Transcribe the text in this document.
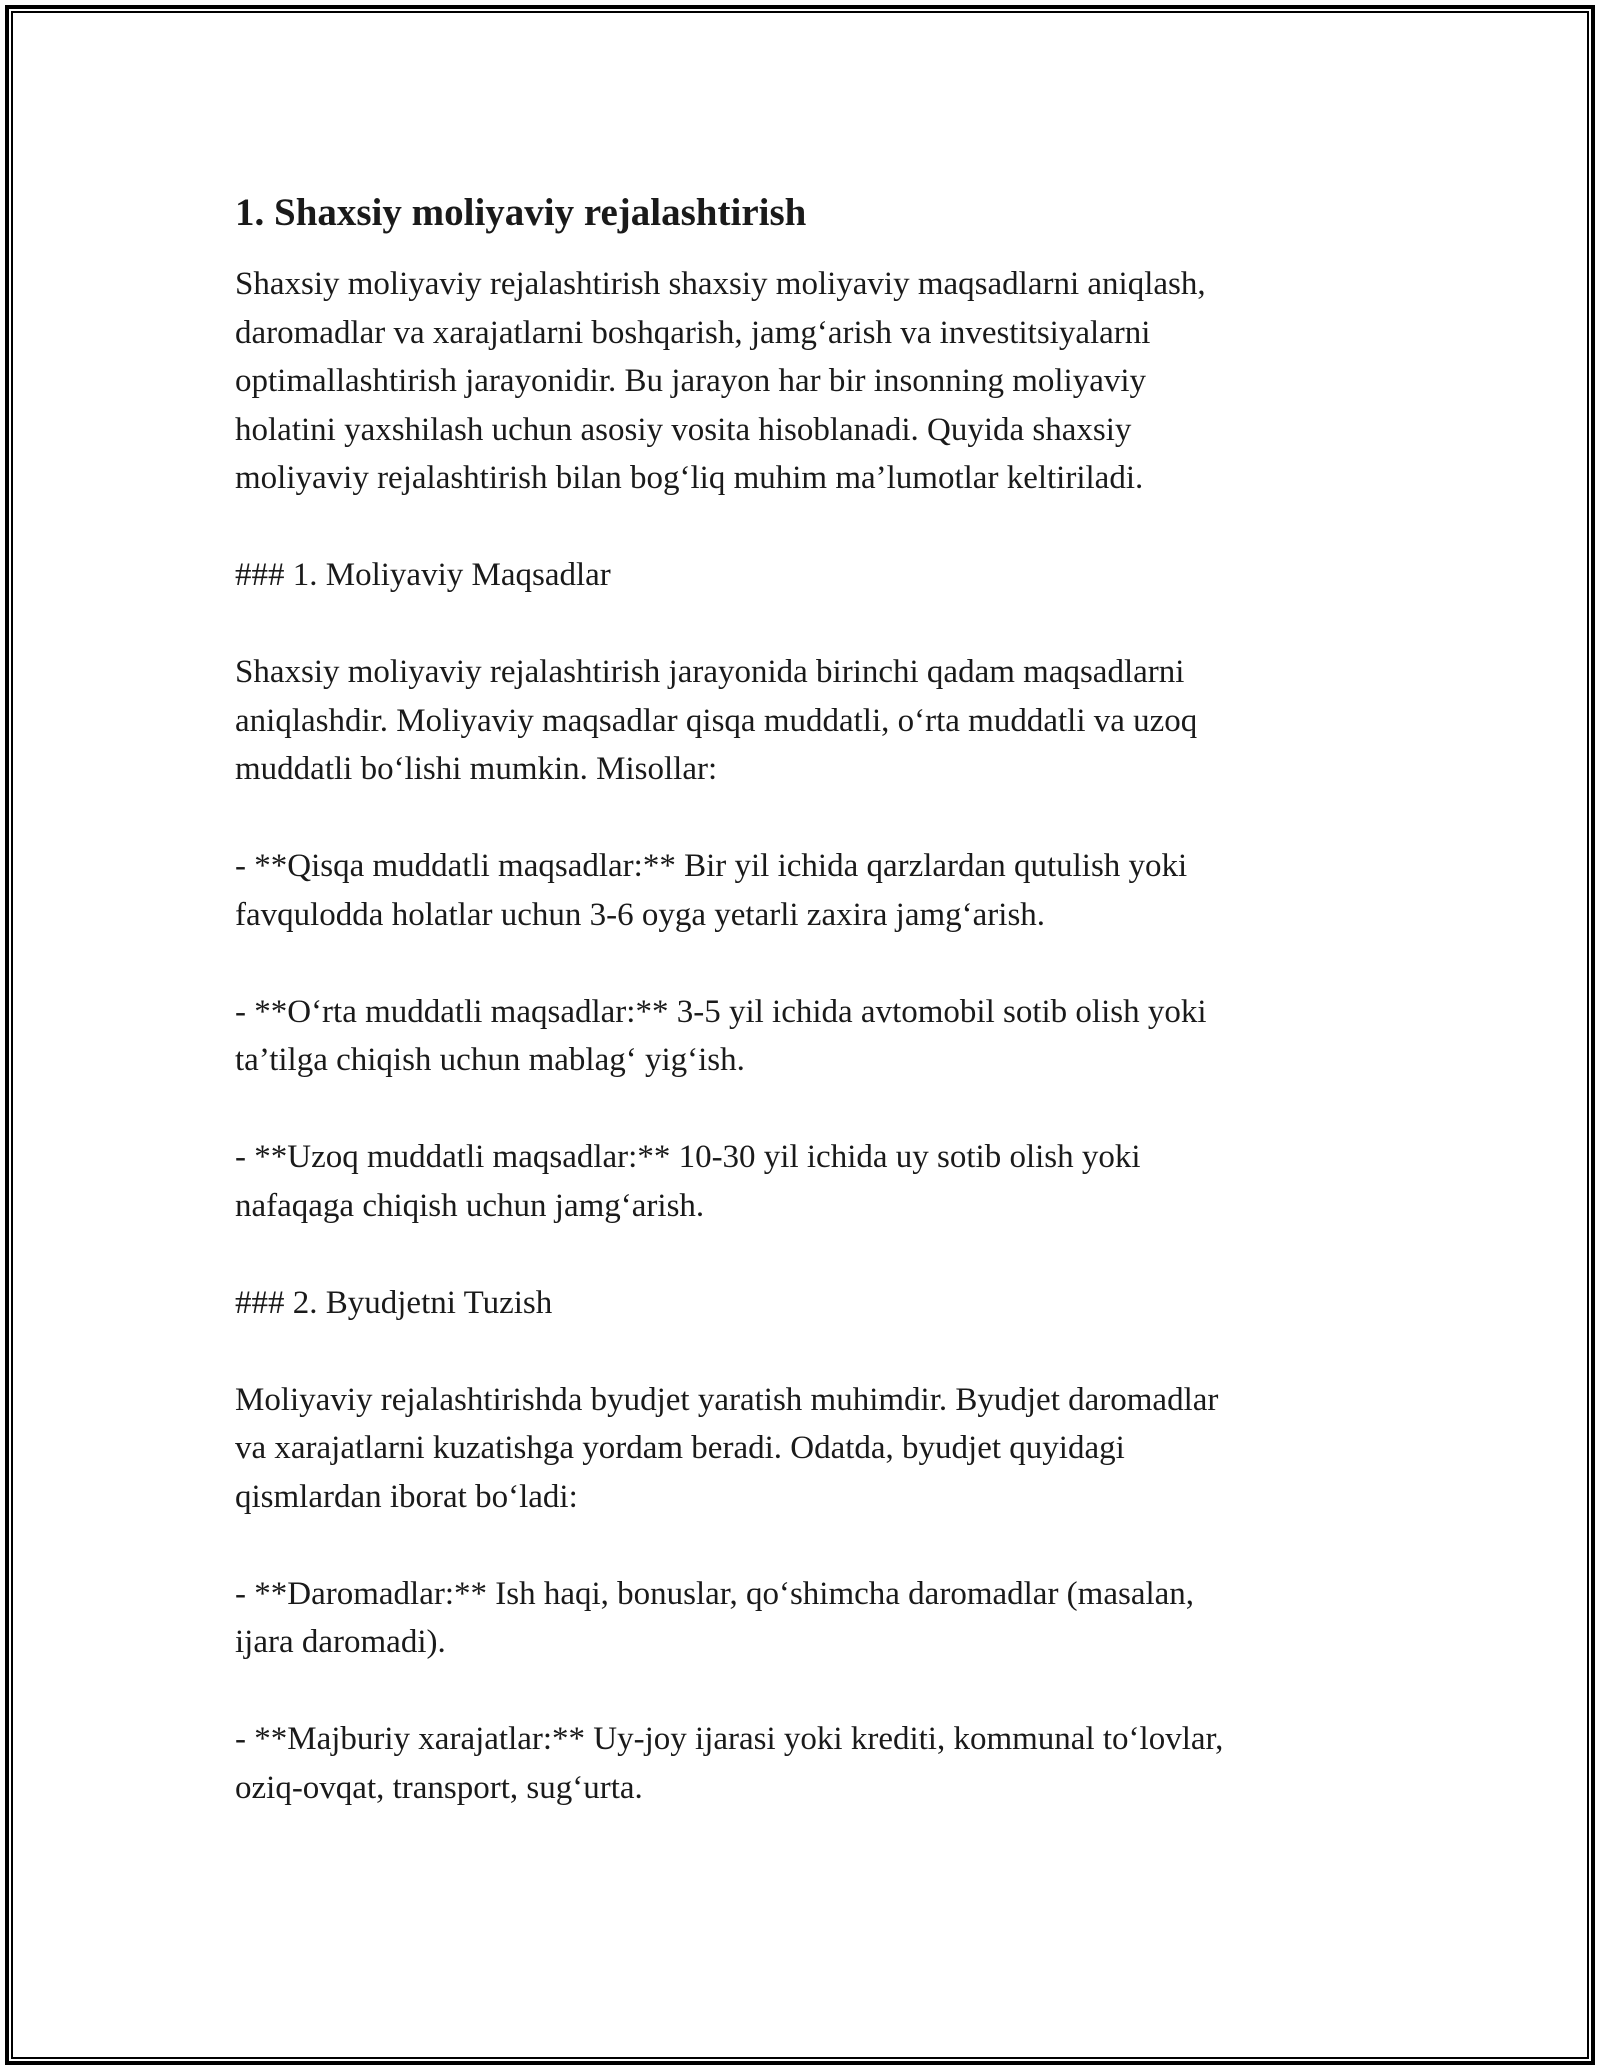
1. Shaxsiy moliyaviy rejalashtirish

Shaxsiy moliyaviy rejalashtirish shaxsiy moliyaviy maqsadlarni aniqlash,
daromadlar va xarajatlarni boshqarish, jamg‘arish va investitsiyalarni
optimallashtirish jarayonidir. Bu jarayon har bir insonning moliyaviy
holatini yaxshilash uchun asosiy vosita hisoblanadi. Quyida shaxsiy
moliyaviy rejalashtirish bilan bog‘liq muhim ma’lumotlar keltiriladi.

### 1. Moliyaviy Maqsadlar

Shaxsiy moliyaviy rejalashtirish jarayonida birinchi qadam maqsadlarni
aniqlashdir. Moliyaviy maqsadlar qisqa muddatli, o‘rta muddatli va uzoq
muddatli bo‘lishi mumkin. Misollar:

- **Qisqa muddatli maqsadlar:** Bir yil ichida qarzlardan qutulish yoki
favqulodda holatlar uchun 3-6 oyga yetarli zaxira jamg‘arish.

- **O‘rta muddatli maqsadlar:** 3-5 yil ichida avtomobil sotib olish yoki
ta’tilga chiqish uchun mablag‘ yig‘ish.

- **Uzoq muddatli maqsadlar:** 10-30 yil ichida uy sotib olish yoki
nafaqaga chiqish uchun jamg‘arish.

### 2. Byudjetni Tuzish

Moliyaviy rejalashtirishda byudjet yaratish muhimdir. Byudjet daromadlar
va xarajatlarni kuzatishga yordam beradi. Odatda, byudjet quyidagi
qismlardan iborat bo‘ladi:

- **Daromadlar:** Ish haqi, bonuslar, qo‘shimcha daromadlar (masalan,
ijara daromadi).

- **Majburiy xarajatlar:** Uy-joy ijarasi yoki krediti, kommunal to‘lovlar,
oziq-ovqat, transport, sug‘urta.
